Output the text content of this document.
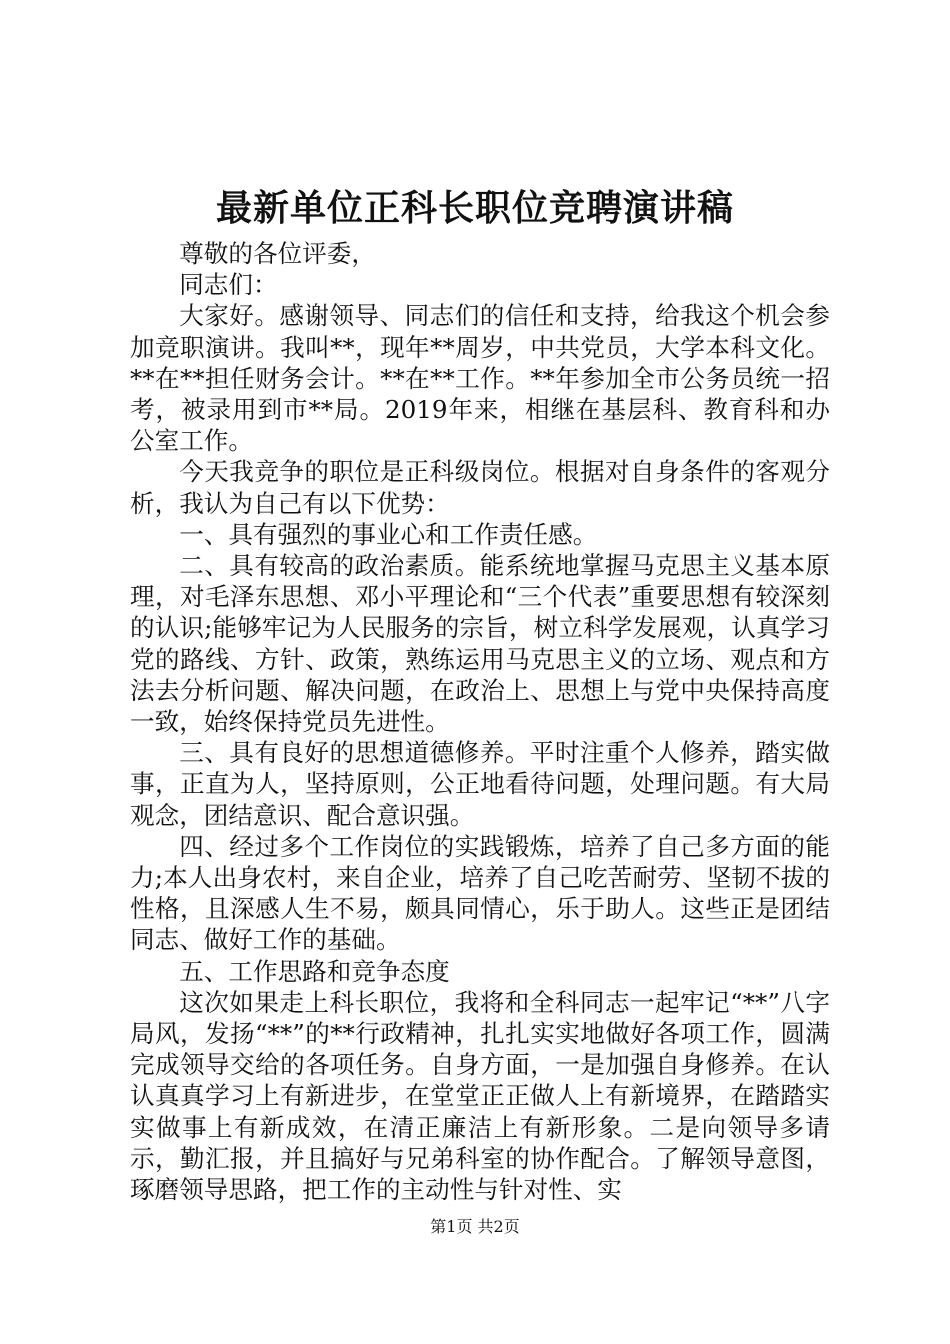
最新单位正科长职位竞聘演讲稿

尊敬的各位评委，

同志们：

大家好。感谢领导、同志们的信任和支持，给我这个机会参加竞职演讲。我叫**，现年**周岁，中共党员，大学本科文化。**在**担任财务会计。**在**工作。**年参加全市公务员统一招考，被录用到市**局。2019年来，相继在基层科、教育科和办公室工作。

今天我竞争的职位是正科级岗位。根据对自身条件的客观分析，我认为自己有以下优势：

一、具有强烈的事业心和工作责任感。

二、具有较高的政治素质。能系统地掌握马克思主义基本原理，对毛泽东思想、邓小平理论和“三个代表”重要思想有较深刻的认识;能够牢记为人民服务的宗旨，树立科学发展观，认真学习党的路线、方针、政策，熟练运用马克思主义的立场、观点和方法去分析问题、解决问题，在政治上、思想上与党中央保持高度一致，始终保持党员先进性。

三、具有良好的思想道德修养。平时注重个人修养，踏实做事，正直为人，坚持原则，公正地看待问题，处理问题。有大局观念，团结意识、配合意识强。

四、经过多个工作岗位的实践锻炼，培养了自己多方面的能力;本人出身农村，来自企业，培养了自己吃苦耐劳、坚韧不拔的性格，且深感人生不易，颇具同情心，乐于助人。这些正是团结同志、做好工作的基础。

五、工作思路和竞争态度

这次如果走上科长职位，我将和全科同志一起牢记“**”八字局风，发扬“**”的**行政精神，扎扎实实地做好各项工作，圆满完成领导交给的各项任务。自身方面，一是加强自身修养。在认认真真学习上有新进步，在堂堂正正做人上有新境界，在踏踏实实做事上有新成效，在清正廉洁上有新形象。二是向领导多请示，勤汇报，并且搞好与兄弟科室的协作配合。了解领导意图，琢磨领导思路，把工作的主动性与针对性、实

第1页 共2页
